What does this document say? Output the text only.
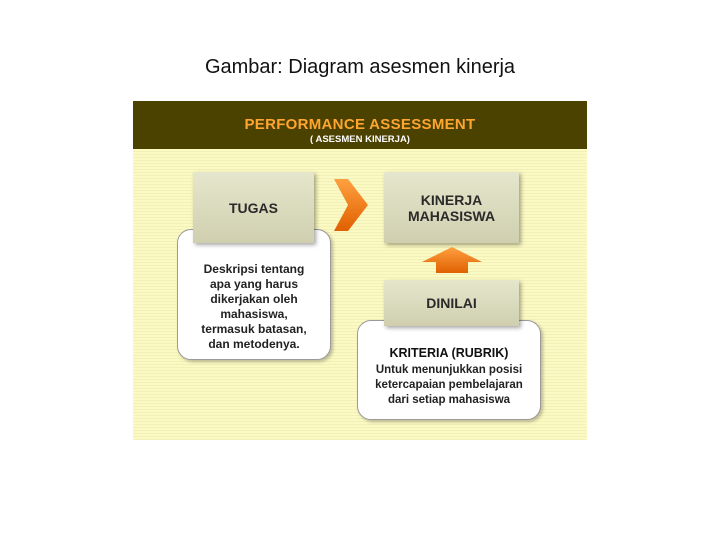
Gambar: Diagram asesmen kinerja
PERFORMANCE ASSESSMENT
( ASESMEN KINERJA)
Deskripsi tentang
apa yang harus
dikerjakan oleh
mahasiswa,
termasuk batasan,
dan metodenya.
KRITERIA (RUBRIK)
Untuk menunjukkan posisi
ketercapaian pembelajaran
dari setiap mahasiswa
TUGAS	KINERJA
MAHASISWA
DINILAI
